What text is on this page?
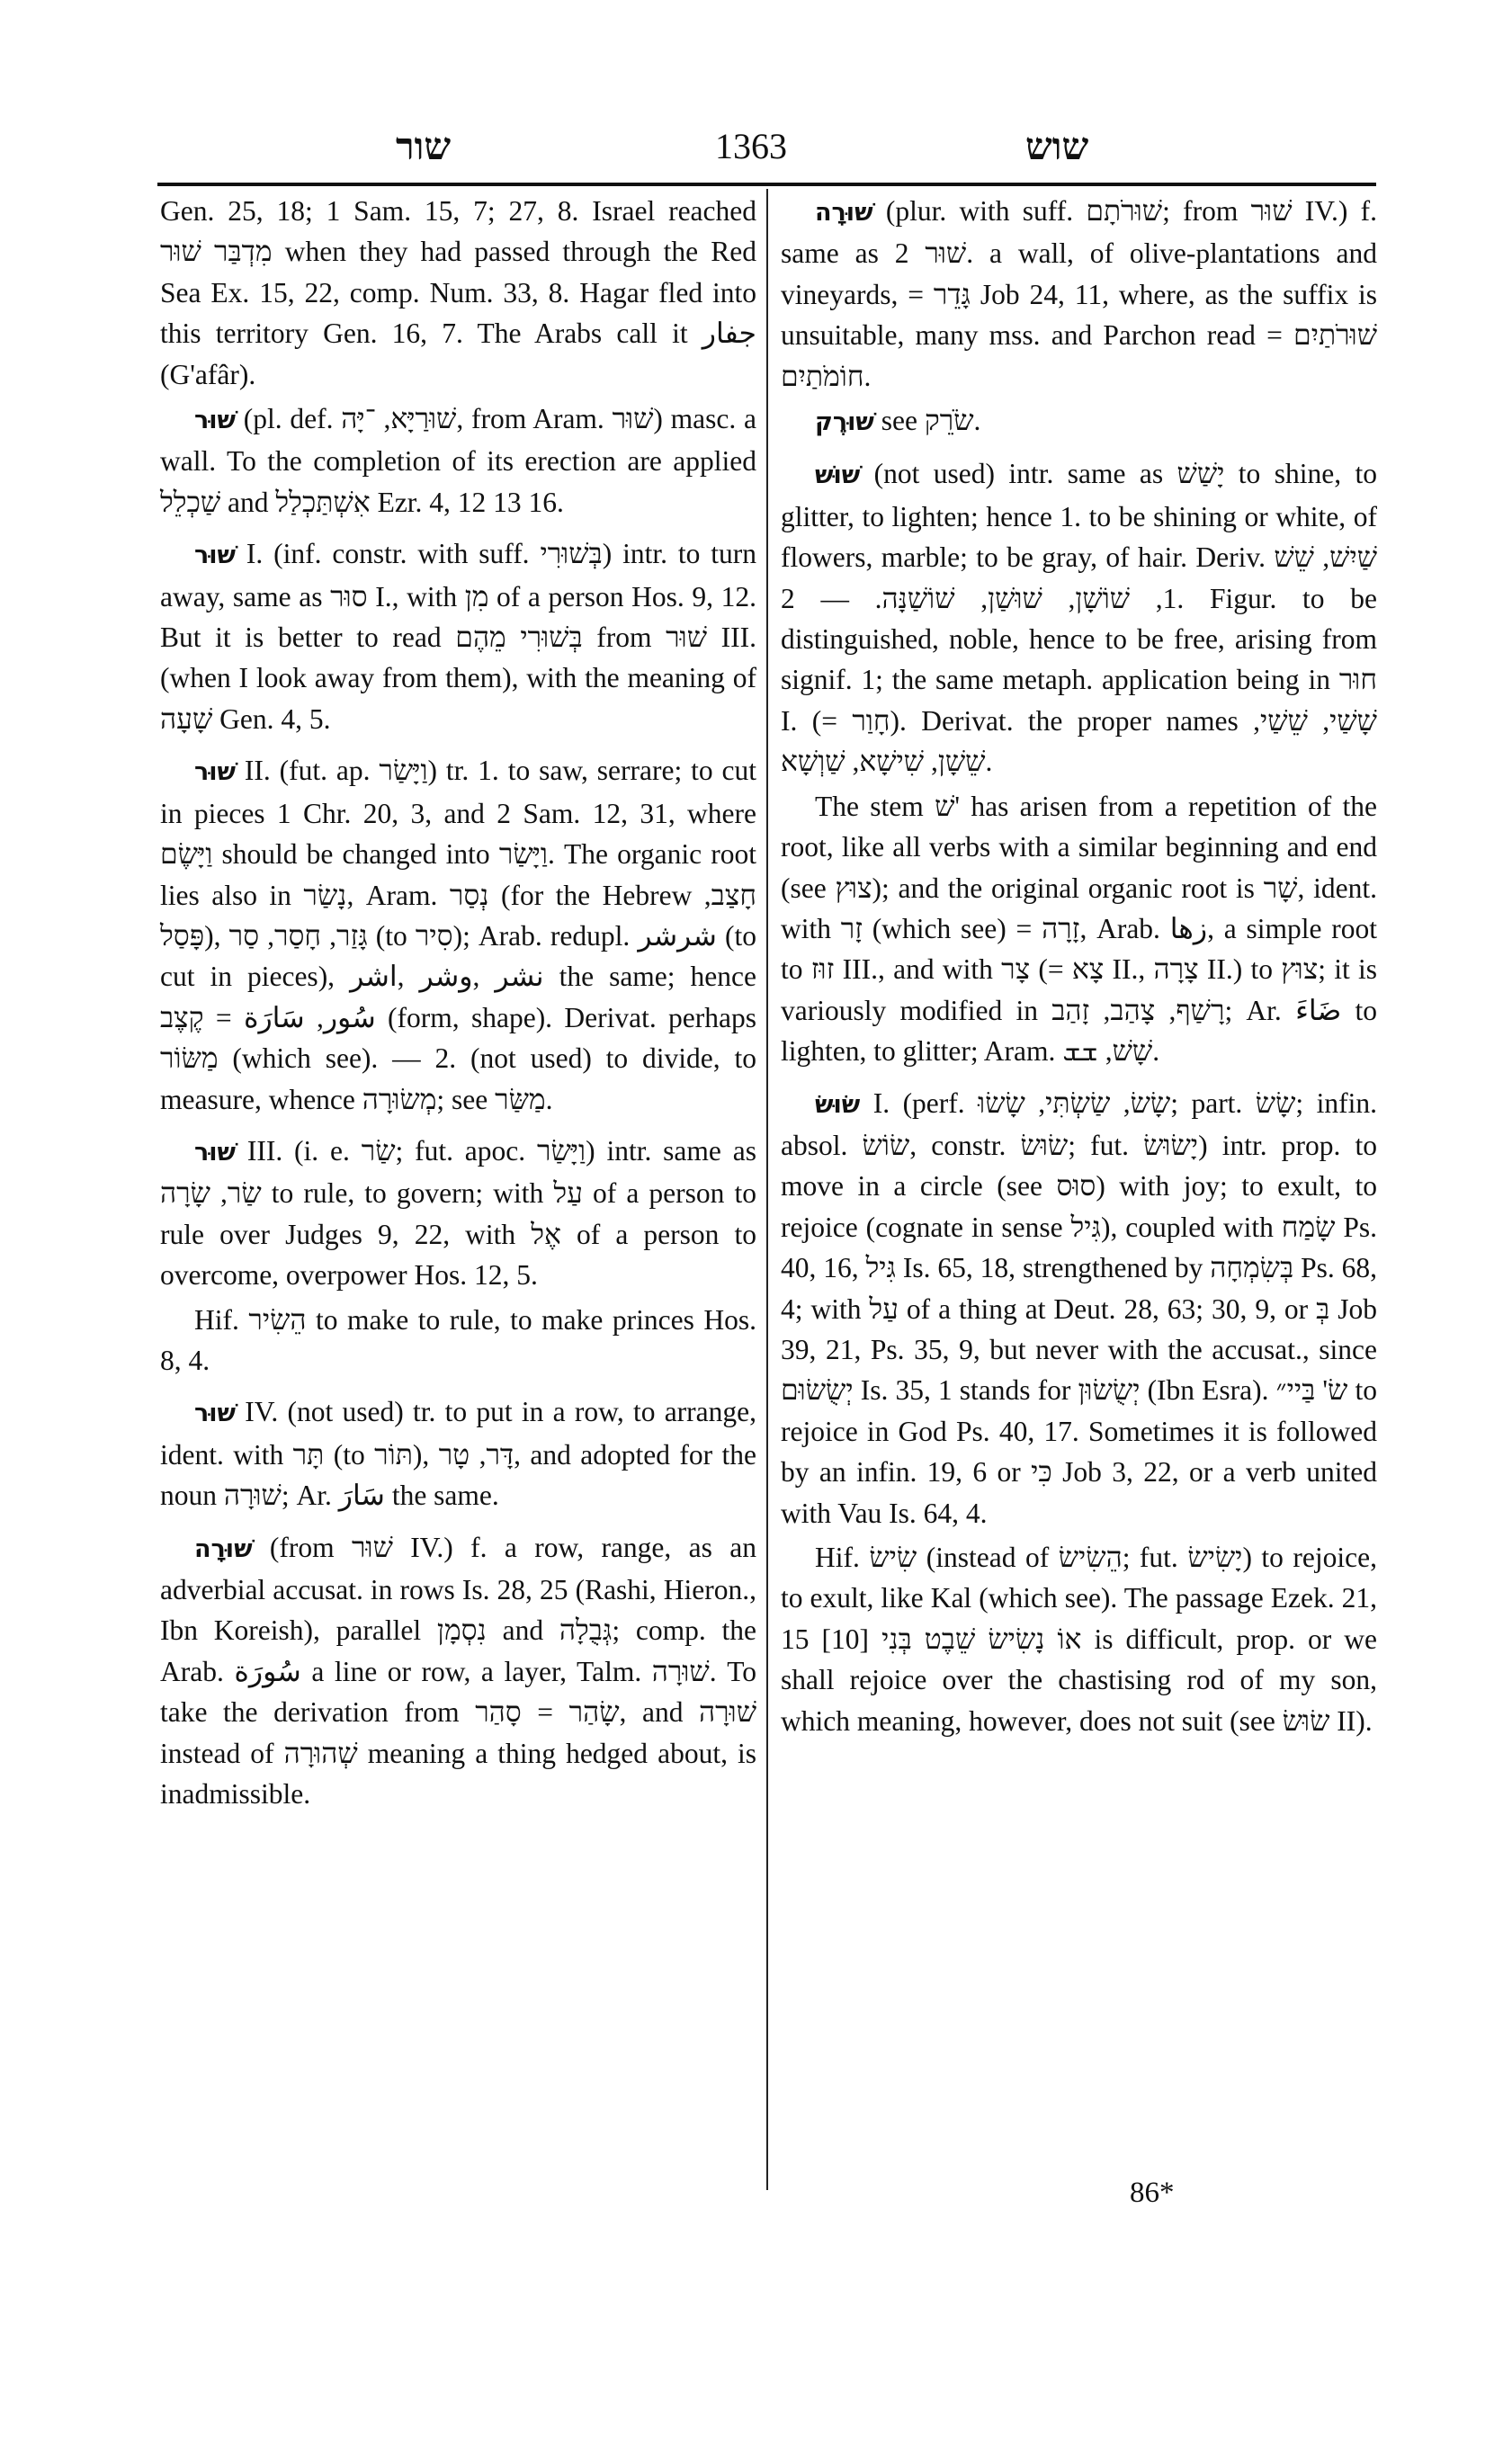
שור	1363	שוש

Gen. 25, 18; 1 Sam. 15, 7; 27, 8. Israel reached מִדְבַּר שׁוּר when they had passed through the Red Sea Ex. 15, 22, comp. Num. 33, 8. Hagar fled into this territory Gen. 16, 7. The Arabs call it جفار (G'afâr).

שׁוּר (pl. def. שׁוּרַיָּא, ־יָּה, from Aram. שׁוּר) masc. a wall. To the completion of its erection are applied שַׁכְלֵל and אִשְׁתַּכְלַל Ezr. 4, 12 13 16.

שׁוּר I. (inf. constr. with suff. בְּשׁוּרִי) intr. to turn away, same as סוּר I., with מִן of a person Hos. 9, 12. But it is better to read בְּשׁוּרִי מֵהֶם from שׁוּר III. (when I look away from them), with the meaning of שָׁעָה Gen. 4, 5.

שׁוּר II. (fut. ap. וַיָּשַׂר) tr. 1. to saw, serrare; to cut in pieces 1 Chr. 20, 3, and 2 Sam. 12, 31, where וַיָּשֶׂם should be changed into וַיָּשַׂר. The organic root lies also in נָשַׂר, Aram. נְסַר (for the Hebrew חָצַב, פָּסַל), גָּזַר, חָסַר, סַר (to סִיר); Arab. redupl. شرشر (to cut in pieces), نشر ,وشر ,اشر the same; hence سُور, سَارَة = קֶצֶב (form, shape). Derivat. perhaps מַשּׂוֹר (which see). — 2. (not used) to divide, to measure, whence מְשׂוּרָה; see מַשַּׂר.

שׁוּר III. (i. e. שַׂר; fut. apoc. וַיָּשַׂר) intr. same as שַׂר, שָׂרָה to rule, to govern; with עַל of a person to rule over Judges 9, 22, with אֶל of a person to overcome, overpower Hos. 12, 5.

Hif. הֵשִׂיר to make to rule, to make princes Hos. 8, 4.

שׁוּר IV. (not used) tr. to put in a row, to arrange, ident. with תָּר (to תּוֹר), דָּר, טָר, and adopted for the noun שׁוּרָה; Ar. سَارَ the same.

שׁוּרָה (from שׁוּר IV.) f. a row, range, as an adverbial accusat. in rows Is. 28, 25 (Rashi, Hieron., Ibn Koreish), parallel נִסְמָן and גְּבֻלָה; comp. the Arab. سُورَة a line or row, a layer, Talm. שׁוּרָה. To take the derivation from שָׂהַר = סָהַר, and שׁוּרָה instead of שְׁהוּרָה meaning a thing hedged about, is inadmissible.

שׁוּרָה (plur. with suff. שׁוּרֹתָם; from שׁוּר IV.) f. same as שׁוּר 2. a wall, of olive-plantations and vineyards, = גָּדֵר Job 24, 11, where, as the suffix is unsuitable, many mss. and Parchon read שׁוּרֹתַיִם = חוֹמֹתַיִם.

שׁוּרֶק see שֹׂרֵק.

שׁוּשׁ (not used) intr. same as יָשַׁשׁ to shine, to glitter, to lighten; hence 1. to be shining or white, of flowers, marble; to be gray, of hair. Deriv. שַׁיִשׁ, שֵׁשׁ 1, שׁוֹשָׁן, שׁוּשַׁן, שׁוֹשַׁנָּה. — 2. Figur. to be distinguished, noble, hence to be free, arising from signif. 1; the same metaph. application being in חוּר I. (= חָוַר). Derivat. the proper names שָׁשַׁי, שֵׁשַׁי, שֵׁשָׁן, שִׁישָׁא, שַׁוְשָׁא.

The stem שׁ' has arisen from a repetition of the root, like all verbs with a similar beginning and end (see צוּץ); and the original organic root is שָׁר, ident. with זָר (which see) = זָרָה, Arab. زها, a simple root to זוּז III., and with צָר (= צָא II., צָרָה II.) to צוּץ; it is variously modified in רָשַׁף, צָהַב, זָהַב; Ar. ضَاءَ to lighten, to glitter; Aram. שָׁשׁ, ܫܫ.

שׂוּשׂ I. (perf. שָׂשׂ, שַׂשְׂתִּי, שָׂשׂוּ; part. שָׂשׂ; infin. absol. שׂוֹשׂ, constr. שׂוּשׂ; fut. יָשׂוּשׂ) intr. prop. to move in a circle (see סוּס) with joy; to exult, to rejoice (cognate in sense גִּיל), coupled with שָׂמַח Ps. 40, 16, גִּיל Is. 65, 18, strengthened by בְּשִׂמְחָה Ps. 68, 4; with עַל of a thing at Deut. 28, 63; 30, 9, or בְּ Job 39, 21, Ps. 35, 9, but never with the accusat., since יְשֻׂשׂוּם Is. 35, 1 stands for יְשֻׂשׂוּן (Ibn Esra). שׂ' בַּיי״ to rejoice in God Ps. 40, 17. Sometimes it is followed by an infin. 19, 6 or כִּי Job 3, 22, or a verb united with Vau Is. 64, 4.

Hif. שִׂישׂ (instead of הֵשִׂישׂ; fut. יָשִׂישׂ) to rejoice, to exult, like Kal (which see). The passage Ezek. 21, 15 [10] אוֹ נָשִׂישׂ שֵׁבֶט בְּנִי is difficult, prop. or we shall rejoice over the chastising rod of my son, which meaning, however, does not suit (see שׂוּשׂ II).

86*
